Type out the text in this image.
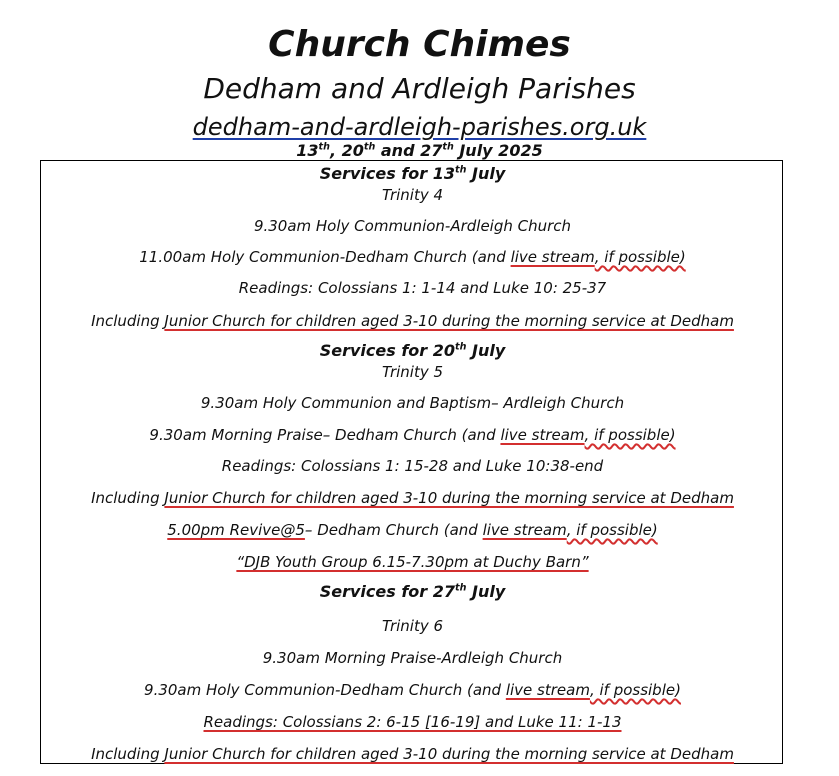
Church Chimes
Dedham and Ardleigh Parishes
dedham-and-ardleigh-parishes.org.uk
13th, 20th and 27th July 2025
Services for 13th July
Trinity 4
9.30am Holy Communion-Ardleigh Church
11.00am Holy Communion-Dedham Church (and live stream, if possible)
Readings: Colossians 1: 1-14 and Luke 10: 25-37
Including Junior Church for children aged 3-10 during the morning service at Dedham
Services for 20th July
Trinity 5
9.30am Holy Communion and Baptism– Ardleigh Church
9.30am Morning Praise– Dedham Church (and live stream, if possible)
Readings: Colossians 1: 15-28 and Luke 10:38-end
Including Junior Church for children aged 3-10 during the morning service at Dedham
5.00pm Revive@5– Dedham Church (and live stream, if possible)
“DJB Youth Group 6.15-7.30pm at Duchy Barn”
Services for 27th July
Trinity 6
9.30am Morning Praise-Ardleigh Church
9.30am Holy Communion-Dedham Church (and live stream, if possible)
Readings: Colossians 2: 6-15 [16-19] and Luke 11: 1-13
Including Junior Church for children aged 3-10 during the morning service at Dedham
